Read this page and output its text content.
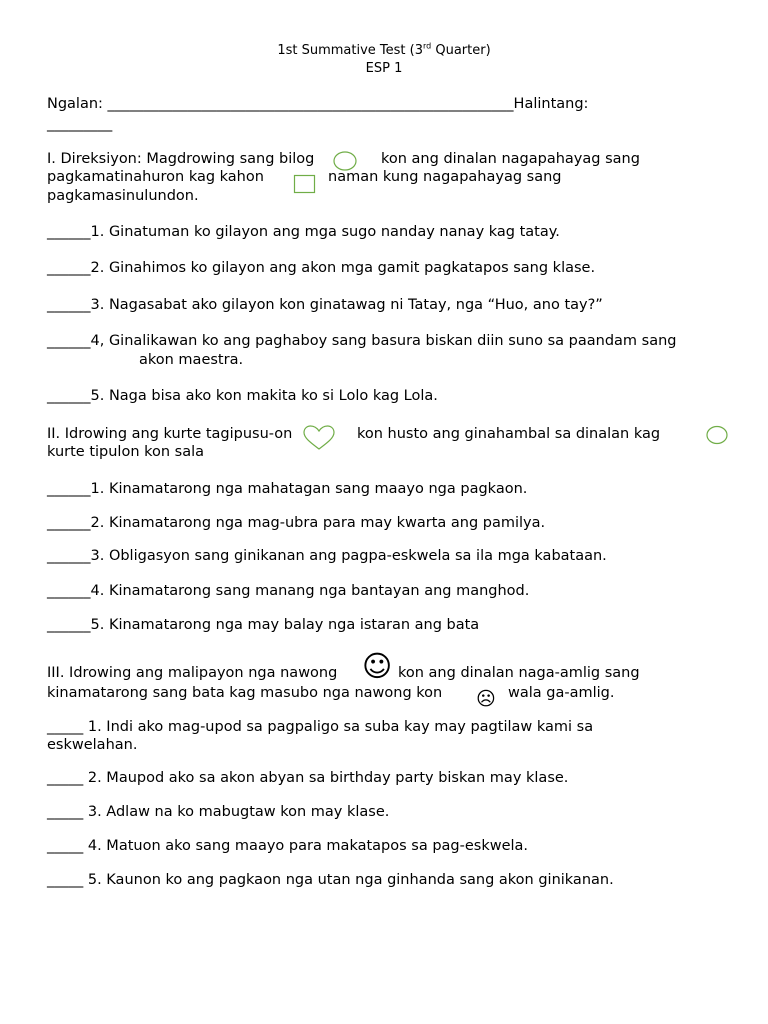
1st Summative Test (3rd Quarter)
ESP 1
Ngalan: ________________________________________________________Halintang:
_________
I. Direksiyon: Magdrowing sang bilog	kon ang dinalan nagapahayag sang
pagkamatinahuron kag kahon	naman kung nagapahayag sang
pagkamasinulundon.
______1. Ginatuman ko gilayon ang mga sugo nanday nanay kag tatay.
______2. Ginahimos ko gilayon ang akon mga gamit pagkatapos sang klase.
______3. Nagasabat ako gilayon kon ginatawag ni Tatay, nga “Huo, ano tay?”
______4, Ginalikawan ko ang paghaboy sang basura biskan diin suno sa paandam sang
akon maestra.
______5. Naga bisa ako kon makita ko si Lolo kag Lola.
II. Idrowing ang kurte tagipusu-on	kon husto ang ginahambal sa dinalan kag
kurte tipulon kon sala
______1. Kinamatarong nga mahatagan sang maayo nga pagkaon.
______2. Kinamatarong nga mag-ubra para may kwarta ang pamilya.
______3. Obligasyon sang ginikanan ang pagpa-eskwela sa ila mga kabataan.
______4. Kinamatarong sang manang nga bantayan ang manghod.
______5. Kinamatarong nga may balay nga istaran ang bata
III. Idrowing ang malipayon nga nawong ☺ kon ang dinalan naga-amlig sang
kinamatarong sang bata kag masubo nga nawong kon ☹ wala ga-amlig.
_____ 1. Indi ako mag-upod sa pagpaligo sa suba kay may pagtilaw kami sa
eskwelahan.
_____ 2. Maupod ako sa akon abyan sa birthday party biskan may klase.
_____ 3. Adlaw na ko mabugtaw kon may klase.
_____ 4. Matuon ako sang maayo para makatapos sa pag-eskwela.
_____ 5. Kaunon ko ang pagkaon nga utan nga ginhanda sang akon ginikanan.
